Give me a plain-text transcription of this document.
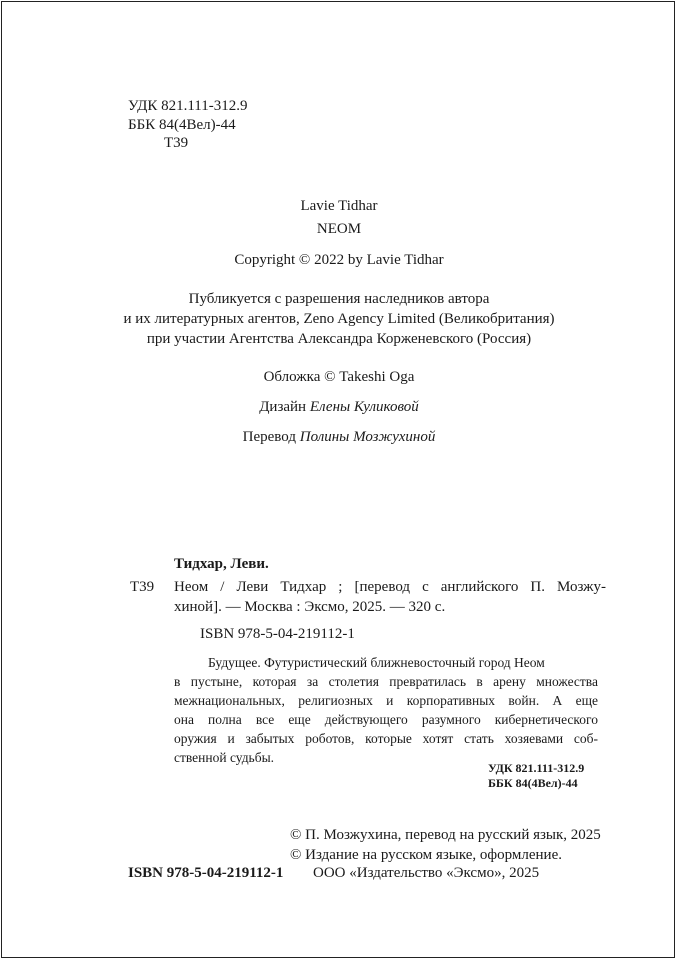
УДК 821.111-312.9
ББК 84(4Вел)-44
Т39
Lavie Tidhar
NEOM
Copyright © 2022 by Lavie Tidhar
Публикуется с разрешения наследников автора
и их литературных агентов, Zeno Agency Limited (Великобритания)
при участии Агентства Александра Корженевского (Россия)
Обложка © Takeshi Oga
Дизайн Елены Куликовой
Перевод Полины Мозжухиной
Тидхар, Леви.
Т39 Неом / Леви Тидхар ; [перевод с английского П. Мозжу-
хиной]. — Москва : Эксмо, 2025. — 320 с.
ISBN 978-5-04-219112-1
Будущее. Футуристический ближневосточный город Неом
в пустыне, которая за столетия превратилась в арену множества
межнациональных, религиозных и корпоративных войн. А еще
она полна все еще действующего разумного кибернетического
оружия и забытых роботов, которые хотят стать хозяевами соб-
ственной судьбы.
УДК 821.111-312.9
ББК 84(4Вел)-44
© П. Мозжухина, перевод на русский язык, 2025
© Издание на русском языке, оформление.
ISBN 978-5-04-219112-1 ООО «Издательство «Эксмо», 2025
